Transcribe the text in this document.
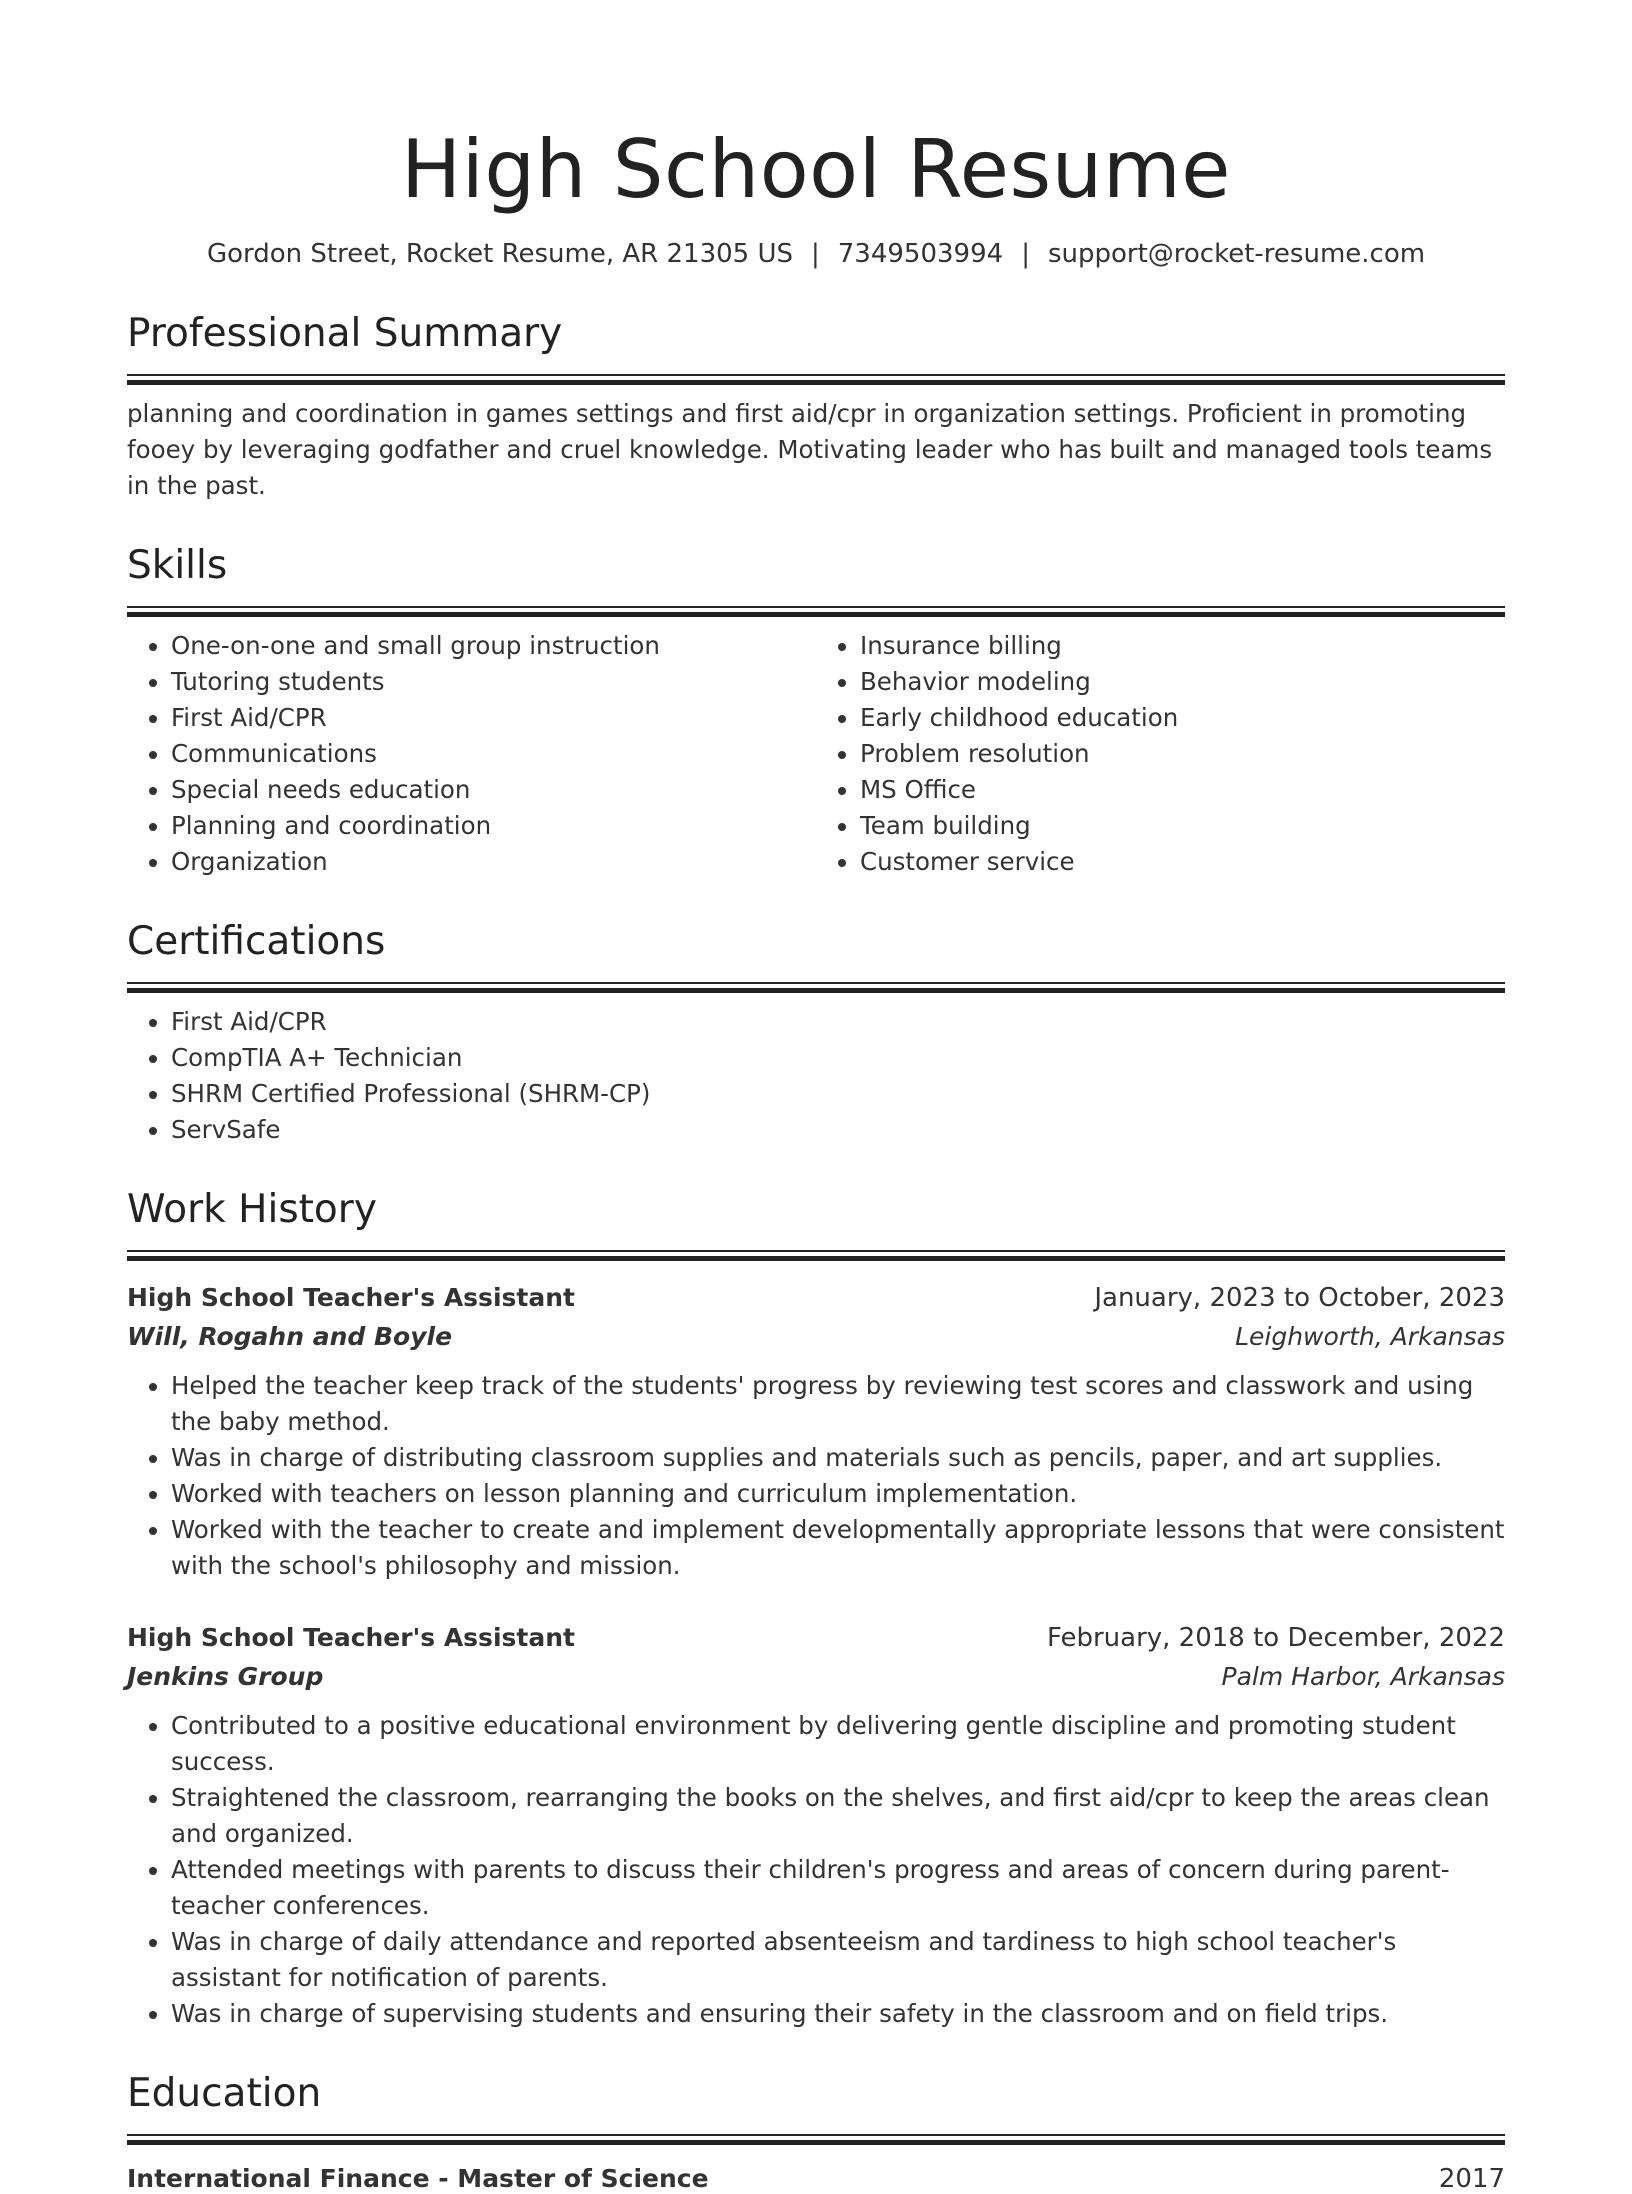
High School Resume
Gordon Street, Rocket Resume, AR 21305 US | 7349503994 | support@rocket-resume.com
Professional Summary
planning and coordination in games settings and first aid/cpr in organization settings. Proficient in promoting fooey by leveraging godfather and cruel knowledge. Motivating leader who has built and managed tools teams in the past.
Skills
• One-on-one and small group instruction
• Tutoring students
• First Aid/CPR
• Communications
• Special needs education
• Planning and coordination
• Organization
• Insurance billing
• Behavior modeling
• Early childhood education
• Problem resolution
• MS Office
• Team building
• Customer service
Certifications
• First Aid/CPR
• CompTIA A+ Technician
• SHRM Certified Professional (SHRM-CP)
• ServSafe
Work History
High School Teacher's Assistant	January, 2023 to October, 2023
Will, Rogahn and Boyle	Leighworth, Arkansas
• Helped the teacher keep track of the students' progress by reviewing test scores and classwork and using the baby method.
• Was in charge of distributing classroom supplies and materials such as pencils, paper, and art supplies.
• Worked with teachers on lesson planning and curriculum implementation.
• Worked with the teacher to create and implement developmentally appropriate lessons that were consistent with the school's philosophy and mission.
High School Teacher's Assistant	February, 2018 to December, 2022
Jenkins Group	Palm Harbor, Arkansas
• Contributed to a positive educational environment by delivering gentle discipline and promoting student success.
• Straightened the classroom, rearranging the books on the shelves, and first aid/cpr to keep the areas clean and organized.
• Attended meetings with parents to discuss their children's progress and areas of concern during parent-teacher conferences.
• Was in charge of daily attendance and reported absenteeism and tardiness to high school teacher's assistant for notification of parents.
• Was in charge of supervising students and ensuring their safety in the classroom and on field trips.
Education
International Finance - Master of Science	2017
